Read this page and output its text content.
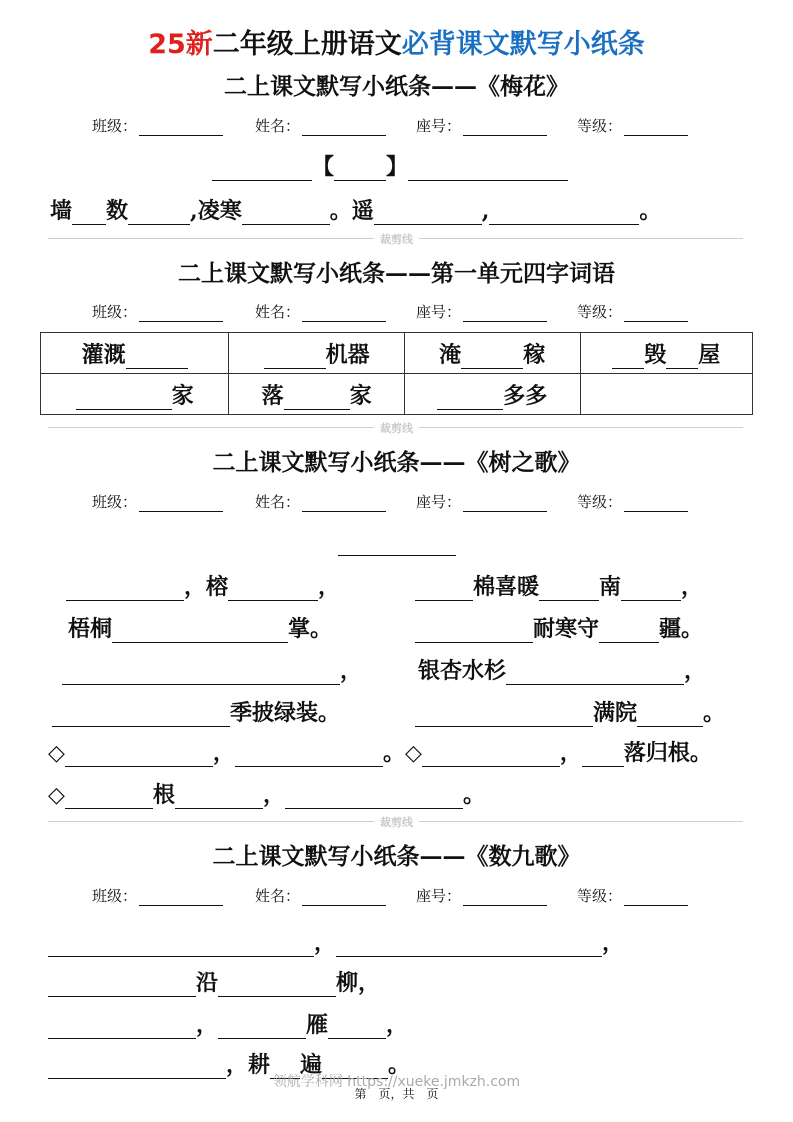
25新二年级上册语文必背课文默写小纸条
二上课文默写小纸条——《梅花》
班级：	姓名：	座号：	等级：
【 】
墙 数	,凌寒	。遥	,	。
裁剪线
二上课文默写小纸条——第一单元四字词语
班级：	姓名：	座号：	等级：
灌溉	机器	淹 稼	毁 屋
家	落 家	多多	
裁剪线
二上课文默写小纸条——《树之歌》
班级：	姓名：	座号：	等级：
，榕	，	棉喜暖	南	，
梧桐	掌。	耐寒守	疆。
，	银杏水杉	，
季披绿装。	满院	。
◇	，	。◇	， 落归根。
◇	根	，	。
裁剪线
二上课文默写小纸条——《数九歌》
班级：	姓名：	座号：	等级：
，	，
沿	柳，
，	雁	，
，耕 遍	。
领航学科网 https://xueke.jmkzh.com
第　页，共　页
